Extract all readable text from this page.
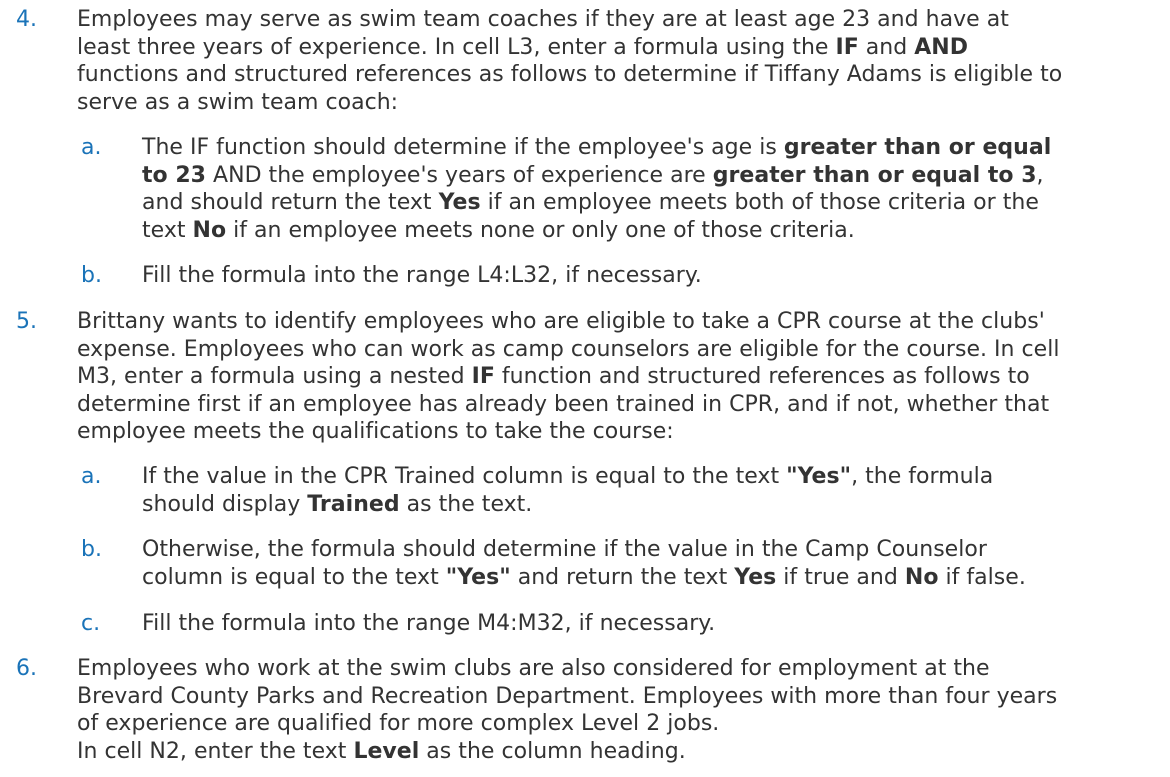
4. Employees may serve as swim team coaches if they are at least age 23 and have at
least three years of experience. In cell L3, enter a formula using the IF and AND
functions and structured references as follows to determine if Tiffany Adams is eligible to
serve as a swim team coach:
a. The IF function should determine if the employee's age is greater than or equal
to 23 AND the employee's years of experience are greater than or equal to 3,
and should return the text Yes if an employee meets both of those criteria or the
text No if an employee meets none or only one of those criteria.
b. Fill the formula into the range L4:L32, if necessary.
5. Brittany wants to identify employees who are eligible to take a CPR course at the clubs'
expense. Employees who can work as camp counselors are eligible for the course. In cell
M3, enter a formula using a nested IF function and structured references as follows to
determine first if an employee has already been trained in CPR, and if not, whether that
employee meets the qualifications to take the course:
a. If the value in the CPR Trained column is equal to the text "Yes", the formula
should display Trained as the text.
b. Otherwise, the formula should determine if the value in the Camp Counselor
column is equal to the text "Yes" and return the text Yes if true and No if false.
c. Fill the formula into the range M4:M32, if necessary.
6. Employees who work at the swim clubs are also considered for employment at the
Brevard County Parks and Recreation Department. Employees with more than four years
of experience are qualified for more complex Level 2 jobs.
In cell N2, enter the text Level as the column heading.
